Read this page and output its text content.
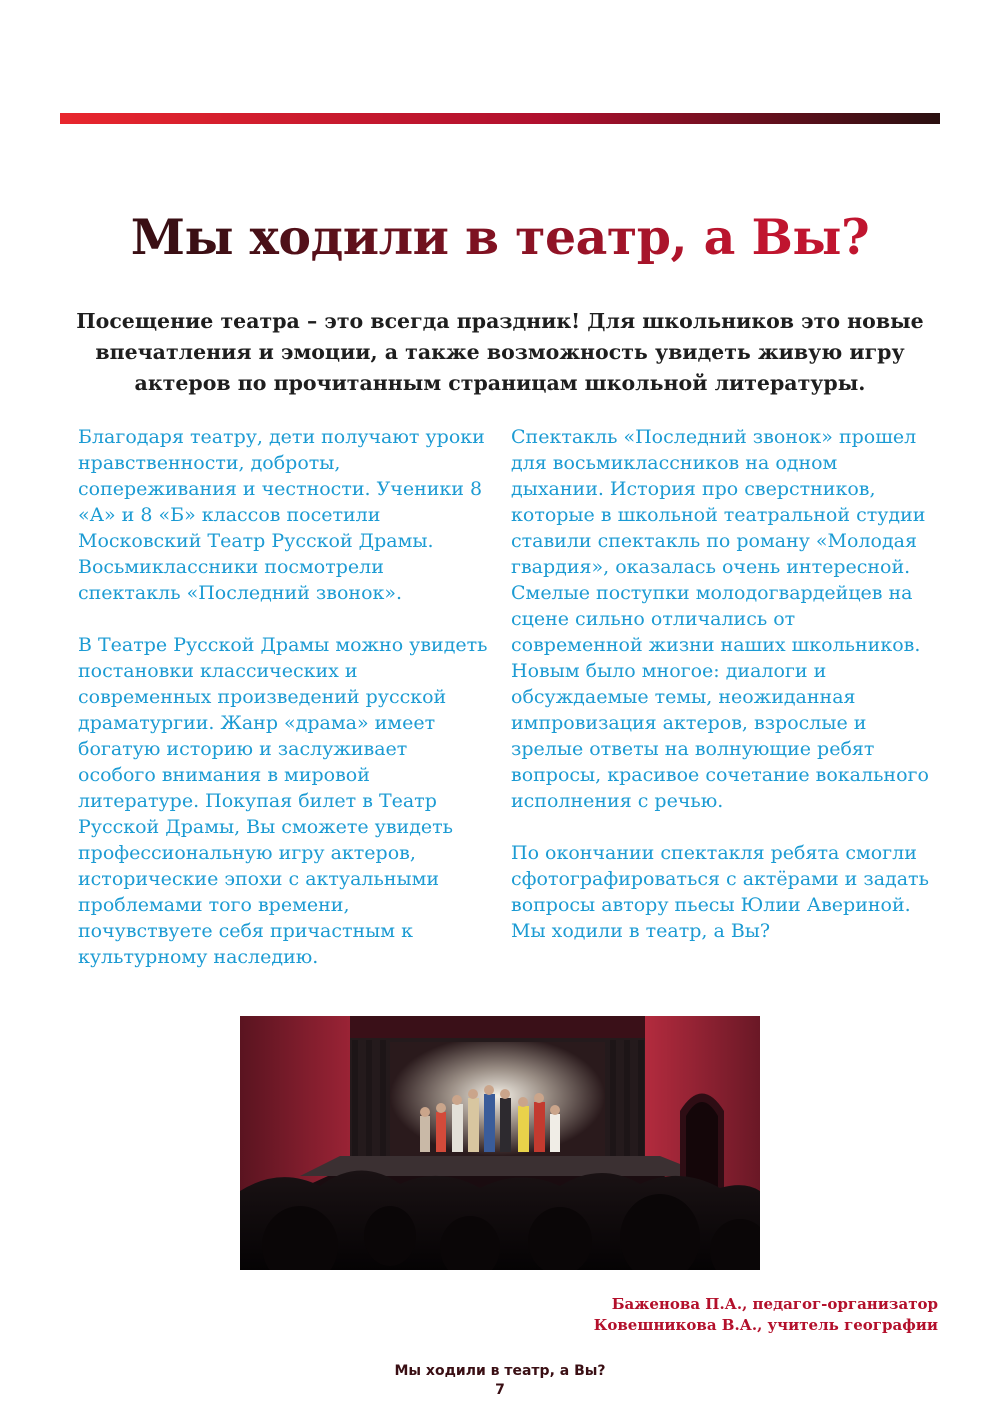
Мы ходили в театр, а Вы?

Посещение театра – это всегда праздник! Для школьников это новые впечатления и эмоции, а также возможность увидеть живую игру актеров по прочитанным страницам школьной литературы.

Благодаря театру, дети получают уроки нравственности, доброты, сопереживания и честности. Ученики 8 «А» и 8 «Б» классов посетили Московский Театр Русской Драмы. Восьмиклассники посмотрели спектакль «Последний звонок».

В Театре Русской Драмы можно увидеть постановки классических и современных произведений русской драматургии. Жанр «драма» имеет богатую историю и заслуживает особого внимания в мировой литературе. Покупая билет в Театр Русской Драмы, Вы сможете увидеть профессиональную игру актеров, исторические эпохи с актуальными проблемами того времени, почувствуете себя причастным к культурному наследию.

Спектакль «Последний звонок» прошел для восьмиклассников на одном дыхании. История про сверстников, которые в школьной театральной студии ставили спектакль по роману «Молодая гвардия», оказалась очень интересной. Смелые поступки молодогвардейцев на сцене сильно отличались от современной жизни наших школьников. Новым было многое: диалоги и обсуждаемые темы, неожиданная импровизация актеров, взрослые и зрелые ответы на волнующие ребят вопросы, красивое сочетание вокального исполнения с речью.

По окончании спектакля ребята смогли сфотографироваться с актёрами и задать вопросы автору пьесы Юлии Авериной. Мы ходили в театр, а Вы?

Баженова П.А., педагог-организатор
Ковешникова В.А., учитель географии
Мы ходили в театр, а Вы?
7
